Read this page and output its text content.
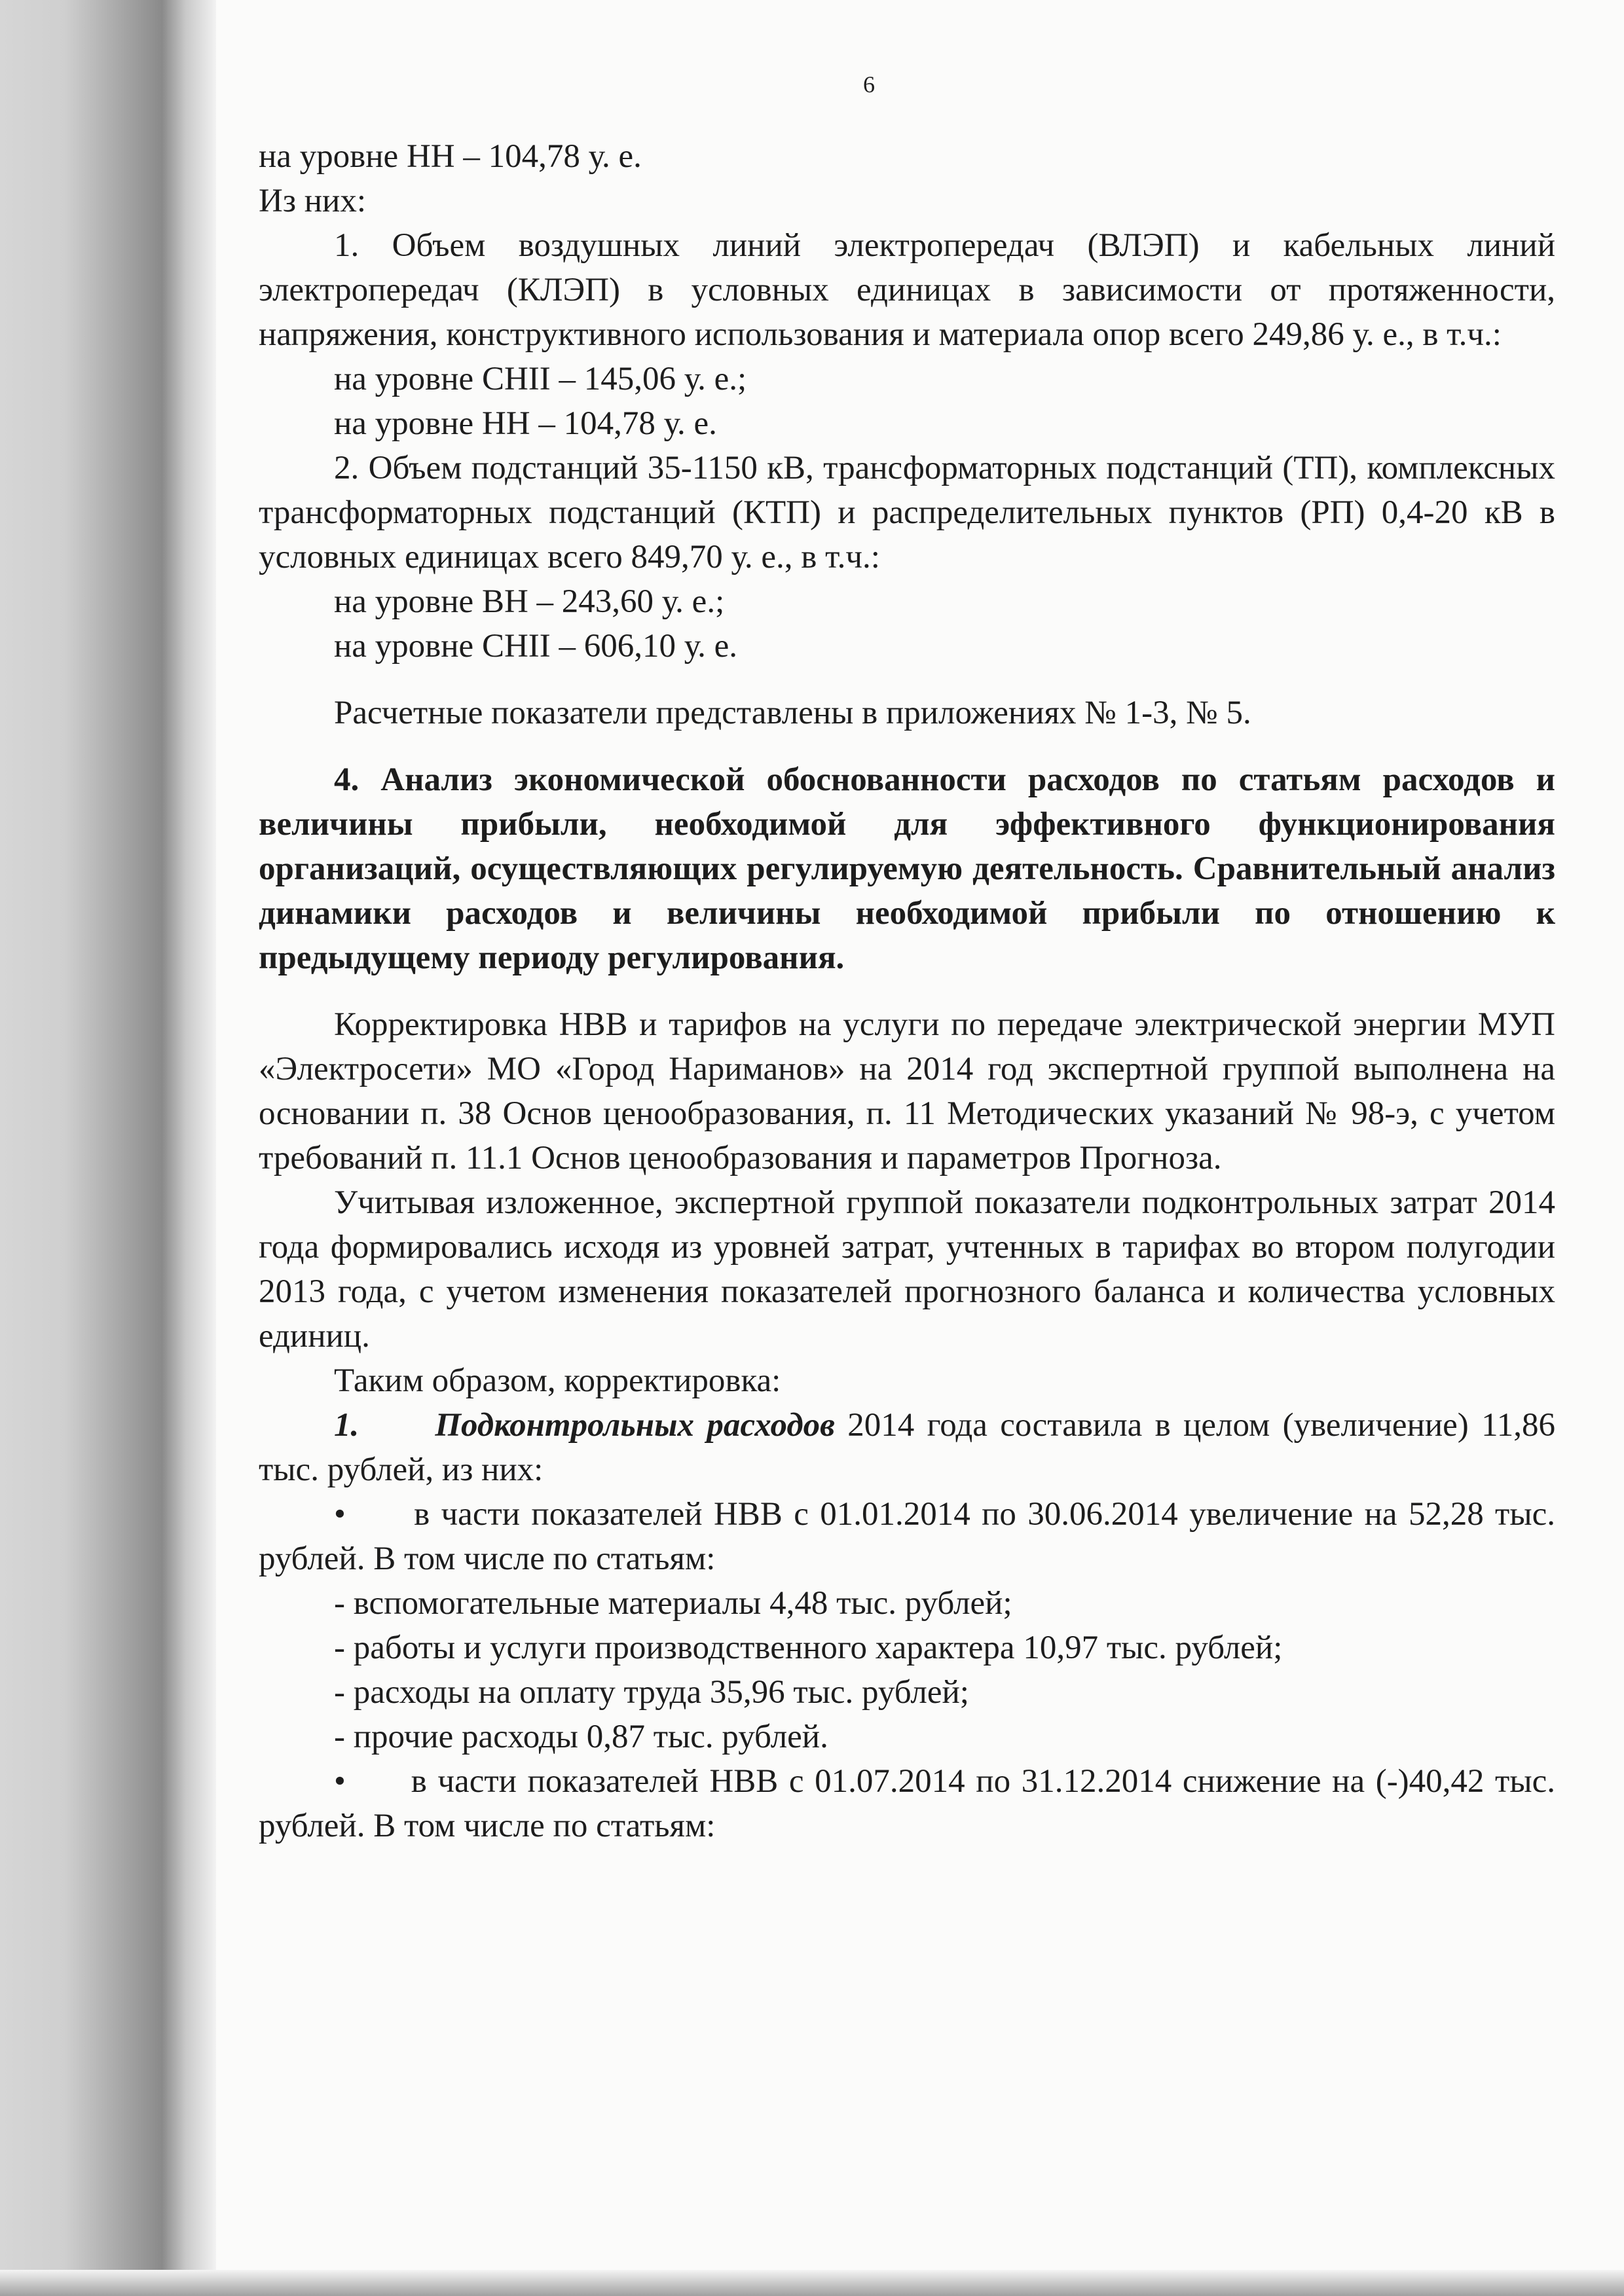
6
на уровне НН – 104,78 у. е.
Из них:

1. Объем воздушных линий электропередач (ВЛЭП) и кабельных линий электропередач (КЛЭП) в условных единицах в зависимости от протяженности, напряжения, конструктивного использования и материала опор всего 249,86 у. е., в т.ч.:

на уровне СНII – 145,06 у. е.;
на уровне НН – 104,78 у. е.

2. Объем подстанций 35-1150 кВ, трансформаторных подстанций (ТП), комплексных трансформаторных подстанций (КТП) и распределительных пунктов (РП) 0,4-20 кВ в условных единицах всего 849,70 у. е., в т.ч.:

на уровне ВН – 243,60 у. е.;
на уровне СНII – 606,10 у. е.
Расчетные показатели представлены в приложениях № 1-3, № 5.

4. Анализ экономической обоснованности расходов по статьям расходов и величины прибыли, необходимой для эффективного функционирования организаций, осуществляющих регулируемую деятельность. Сравнительный анализ динамики расходов и величины необходимой прибыли по отношению к предыдущему периоду регулирования.

Корректировка НВВ и тарифов на услуги по передаче электрической энергии МУП «Электросети» МО «Город Нариманов» на 2014 год экспертной группой выполнена на основании п. 38 Основ ценообразования, п. 11 Методических указаний № 98-э, с учетом требований п. 11.1 Основ ценообразования и параметров Прогноза.

Учитывая изложенное, экспертной группой показатели подконтрольных затрат 2014 года формировались исходя из уровней затрат, учтенных в тарифах во втором полугодии 2013 года, с учетом изменения показателей прогнозного баланса и количества условных единиц.

Таким образом, корректировка:

1. Подконтрольных расходов 2014 года составила в целом (увеличение) 11,86 тыс. рублей, из них:

• в части показателей НВВ с 01.01.2014 по 30.06.2014 увеличение на 52,28 тыс. рублей. В том числе по статьям:

- вспомогательные материалы 4,48 тыс. рублей;
- работы и услуги производственного характера 10,97 тыс. рублей;
- расходы на оплату труда 35,96 тыс. рублей;
- прочие расходы 0,87 тыс. рублей.

• в части показателей НВВ с 01.07.2014 по 31.12.2014 снижение на (-)40,42 тыс. рублей. В том числе по статьям:
